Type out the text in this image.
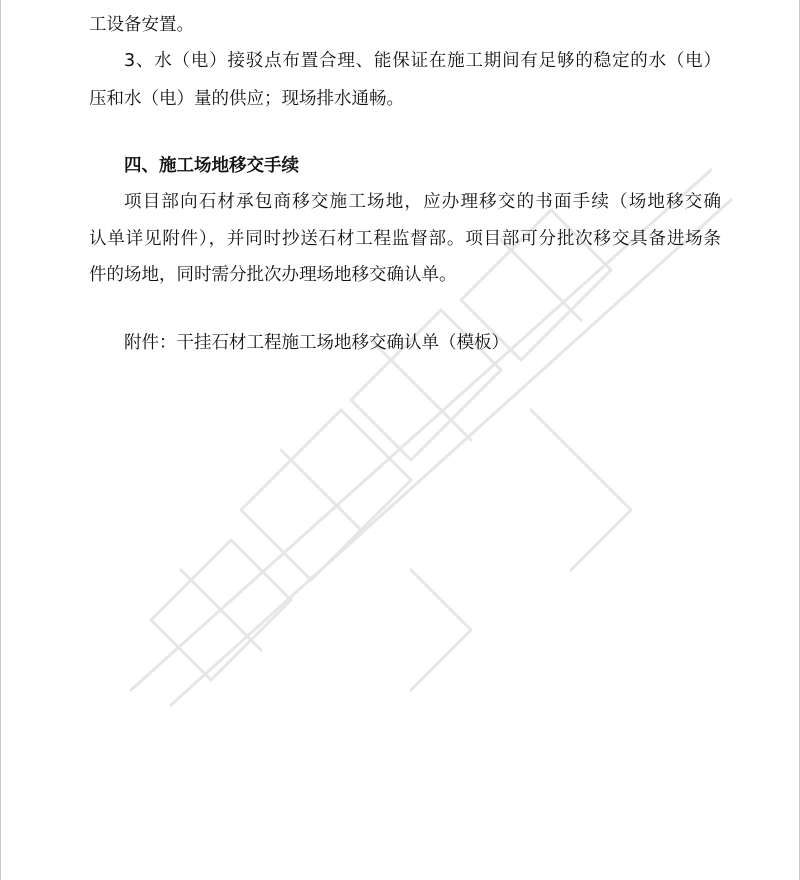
工设备安置。
3、水（电）接驳点布置合理、能保证在施工期间有足够的稳定的水（电）
压和水（电）量的供应；现场排水通畅。
四、施工场地移交手续
项目部向石材承包商移交施工场地，应办理移交的书面手续（场地移交确
认单详见附件），并同时抄送石材工程监督部。项目部可分批次移交具备进场条
件的场地，同时需分批次办理场地移交确认单。
附件：干挂石材工程施工场地移交确认单（模板）
